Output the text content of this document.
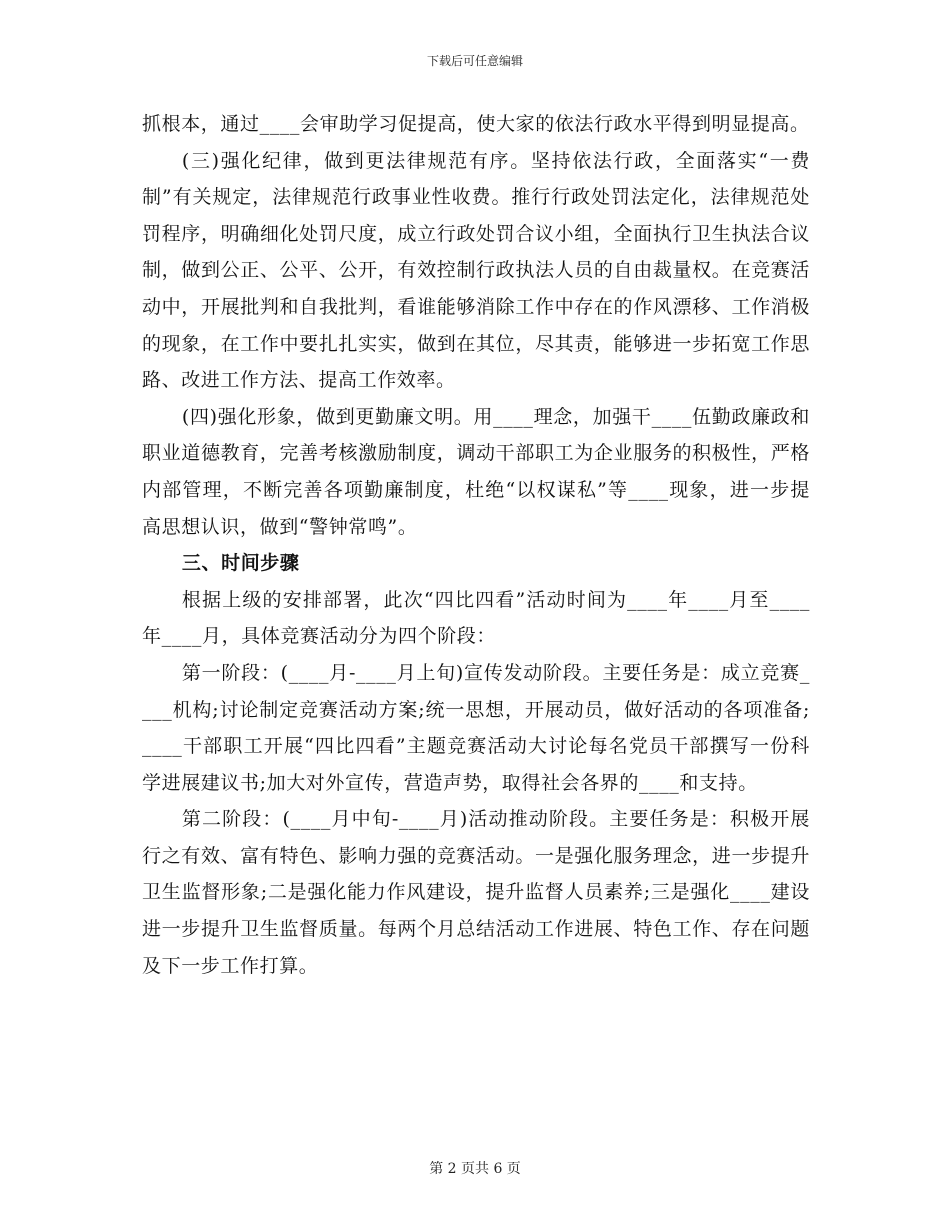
下载后可任意编辑

抓根本，通过____会审助学习促提高，使大家的依法行政水平得到明显提高。

(三)强化纪律，做到更法律规范有序。坚持依法行政，全面落实“一费制”有关规定，法律规范行政事业性收费。推行行政处罚法定化，法律规范处罚程序，明确细化处罚尺度，成立行政处罚合议小组，全面执行卫生执法合议制，做到公正、公平、公开，有效控制行政执法人员的自由裁量权。在竞赛活动中，开展批判和自我批判，看谁能够消除工作中存在的作风漂移、工作消极的现象，在工作中要扎扎实实，做到在其位，尽其责，能够进一步拓宽工作思路、改进工作方法、提高工作效率。

(四)强化形象，做到更勤廉文明。用____理念，加强干____伍勤政廉政和职业道德教育，完善考核激励制度，调动干部职工为企业服务的积极性，严格内部管理，不断完善各项勤廉制度，杜绝“以权谋私”等____现象，进一步提高思想认识，做到“警钟常鸣”。

三、时间步骤

根据上级的安排部署，此次“四比四看”活动时间为____年____月至____年____月，具体竞赛活动分为四个阶段：

第一阶段：(____月-____月上旬)宣传发动阶段。主要任务是：成立竞赛____机构;讨论制定竞赛活动方案;统一思想，开展动员，做好活动的各项准备;____干部职工开展“四比四看”主题竞赛活动大讨论每名党员干部撰写一份科学进展建议书;加大对外宣传，营造声势，取得社会各界的____和支持。

第二阶段：(____月中旬-____月)活动推动阶段。主要任务是：积极开展行之有效、富有特色、影响力强的竞赛活动。一是强化服务理念，进一步提升卫生监督形象;二是强化能力作风建设，提升监督人员素养;三是强化____建设进一步提升卫生监督质量。每两个月总结活动工作进展、特色工作、存在问题及下一步工作打算。

第 2 页共 6 页
